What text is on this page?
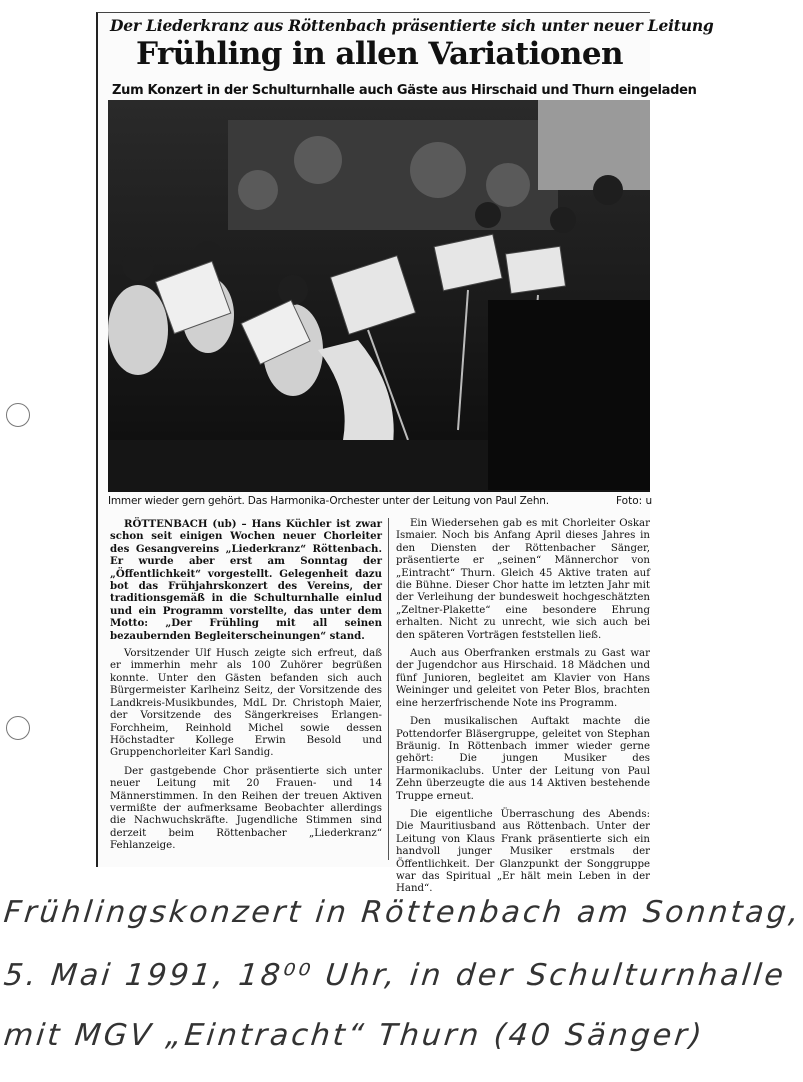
Der Liederkranz aus Röttenbach präsentierte sich unter neuer Leitung
Frühling in allen Variationen
Zum Konzert in der Schulturnhalle auch Gäste aus Hirschaid und Thurn eingeladen
Immer wieder gern gehört. Das Harmonika-Orchester unter der Leitung von Paul Zehn.	Foto: u

RÖTTENBACH (ub) – Hans Küchler ist zwar schon seit einigen Wochen neuer Chorleiter des Gesangvereins „Liederkranz“ Röttenbach. Er wurde aber erst am Sonntag der „Öffentlichkeit“ vorgestellt. Gelegenheit dazu bot das Frühjahrskonzert des Vereins, der traditionsgemäß in die Schulturnhalle einlud und ein Programm vorstellte, das unter dem Motto: „Der Frühling mit all seinen bezaubernden Begleiterscheinungen“ stand.

Vorsitzender Ulf Husch zeigte sich erfreut, daß er immerhin mehr als 100 Zuhörer begrüßen konnte. Unter den Gästen befanden sich auch Bürgermeister Karlheinz Seitz, der Vorsitzende des Landkreis-Musikbundes, MdL Dr. Christoph Maier, der Vorsitzende des Sängerkreises Erlangen-Forchheim, Reinhold Michel sowie dessen Höchstadter Kollege Erwin Besold und Gruppenchorleiter Karl Sandig.

Der gastgebende Chor präsentierte sich unter neuer Leitung mit 20 Frauen- und 14 Männerstimmen. In den Reihen der treuen Aktiven vermißte der aufmerksame Beobachter allerdings die Nachwuchskräfte. Jugendliche Stimmen sind derzeit beim Röttenbacher „Liederkranz“ Fehlanzeige.

Ein Wiedersehen gab es mit Chorleiter Oskar Ismaier. Noch bis Anfang April dieses Jahres in den Diensten der Röttenbacher Sänger, präsentierte er „seinen“ Männerchor von „Eintracht“ Thurn. Gleich 45 Aktive traten auf die Bühne. Dieser Chor hatte im letzten Jahr mit der Verleihung der bundesweit hochgeschätzten „Zeltner-Plakette“ eine besondere Ehrung erhalten. Nicht zu unrecht, wie sich auch bei den späteren Vorträgen feststellen ließ.

Auch aus Oberfranken erstmals zu Gast war der Jugendchor aus Hirschaid. 18 Mädchen und fünf Junioren, begleitet am Klavier von Hans Weininger und geleitet von Peter Blos, brachten eine herzerfrischende Note ins Programm.

Den musikalischen Auftakt machte die Pottendorfer Bläsergruppe, geleitet von Stephan Bräunig. In Röttenbach immer wieder gerne gehört: Die jungen Musiker des Harmonikaclubs. Unter der Leitung von Paul Zehn überzeugte die aus 14 Aktiven bestehende Truppe erneut.

Die eigentliche Überraschung des Abends: Die Mauritiusband aus Röttenbach. Unter der Leitung von Klaus Frank präsentierte sich ein handvoll junger Musiker erstmals der Öffentlichkeit. Der Glanzpunkt der Songgruppe war das Spiritual „Er hält mein Leben in der Hand“.

Frühlingskonzert in Röttenbach am Sonntag,
5. Mai 1991, 18⁰⁰ Uhr, in der Schulturnhalle
mit MGV „Eintracht“ Thurn (40 Sänger)
